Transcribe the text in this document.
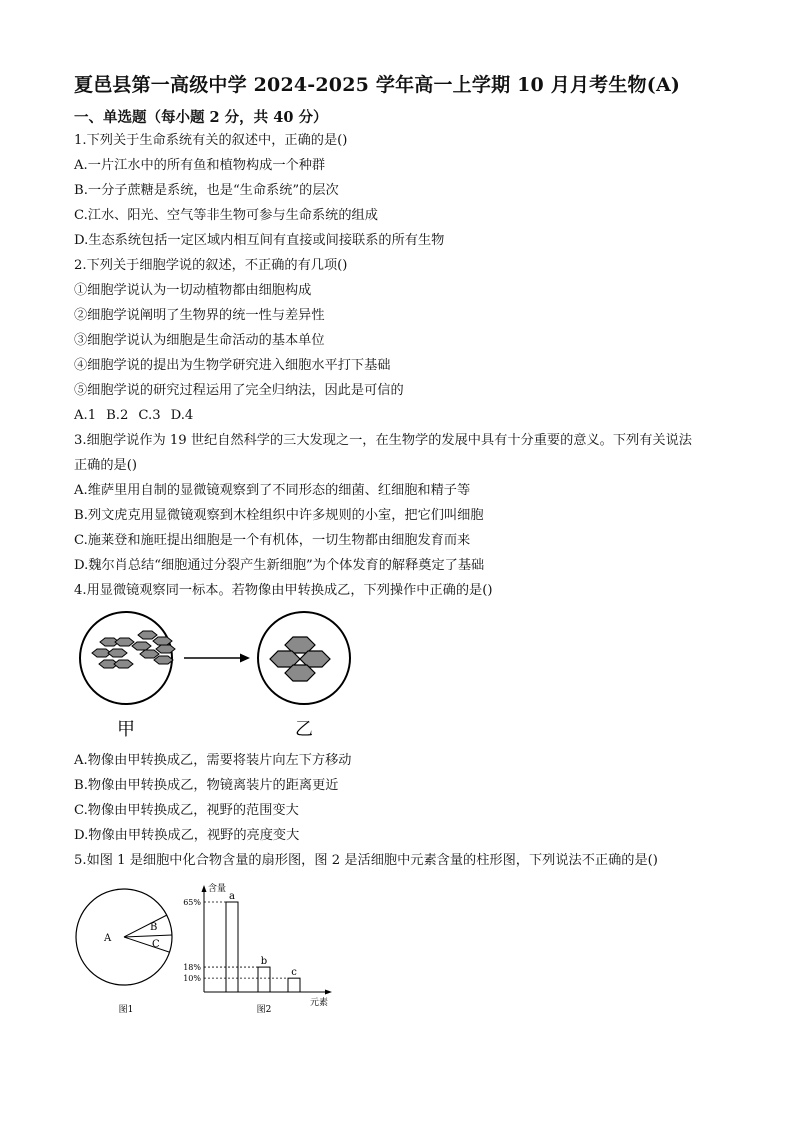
夏邑县第一高级中学 2024-2025 学年高一上学期 10 月月考生物(A)
一、单选题（每小题 2 分，共 40 分）
1.下列关于生命系统有关的叙述中，正确的是()
A.一片江水中的所有鱼和植物构成一个种群
B.一分子蔗糖是系统，也是“生命系统”的层次
C.江水、阳光、空气等非生物可参与生命系统的组成
D.生态系统包括一定区域内相互间有直接或间接联系的所有生物
2.下列关于细胞学说的叙述，不正确的有几项()
①细胞学说认为一切动植物都由细胞构成
②细胞学说阐明了生物界的统一性与差异性
③细胞学说认为细胞是生命活动的基本单位
④细胞学说的提出为生物学研究进入细胞水平打下基础
⑤细胞学说的研究过程运用了完全归纳法，因此是可信的
A.1 B.2 C.3 D.4
3.细胞学说作为 19 世纪自然科学的三大发现之一，在生物学的发展中具有十分重要的意义。下列有关说法
正确的是()
A.维萨里用自制的显微镜观察到了不同形态的细菌、红细胞和精子等
B.列文虎克用显微镜观察到木栓组织中许多规则的小室，把它们叫细胞
C.施莱登和施旺提出细胞是一个有机体，一切生物都由细胞发育而来
D.魏尔肖总结“细胞通过分裂产生新细胞”为个体发育的解释奠定了基础
4.用显微镜观察同一标本。若物像由甲转换成乙，下列操作中正确的是()
甲	乙
A.物像由甲转换成乙，需要将装片向左下方移动
B.物像由甲转换成乙，物镜离装片的距离更近
C.物像由甲转换成乙，视野的范围变大
D.物像由甲转换成乙，视野的亮度变大
5.如图 1 是细胞中化合物含量的扇形图，图 2 是活细胞中元素含量的柱形图，下列说法不正确的是()
A
B
C
图1
含量
元素
a
65%
b
18%	c
10%
图2
